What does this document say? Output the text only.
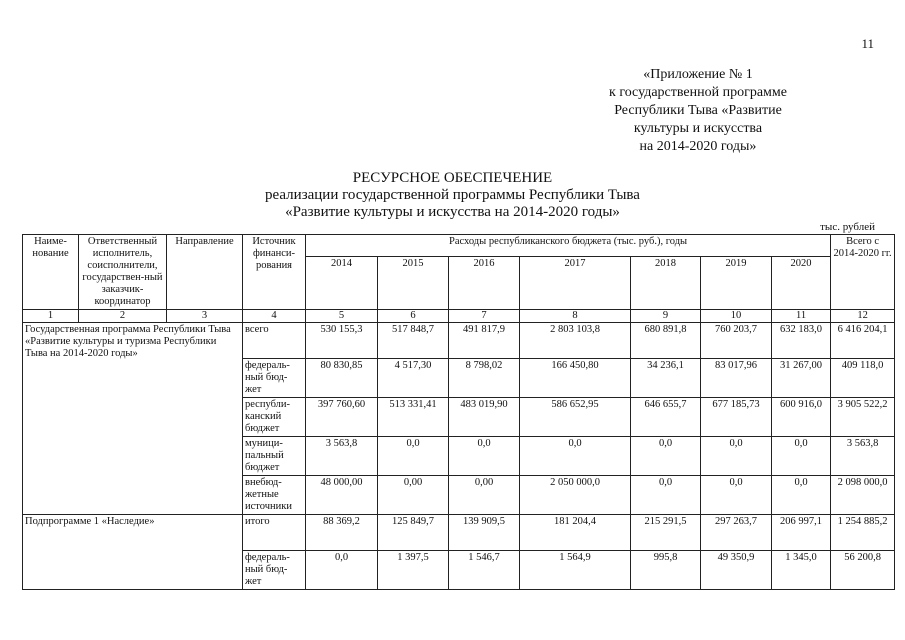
11
«Приложение № 1
к государственной программе
Республики Тыва «Развитие
культуры и искусства
на 2014-2020 годы»
РЕСУРСНОЕ ОБЕСПЕЧЕНИЕ
реализации государственной программы Республики Тыва
«Развитие культуры и искусства на 2014-2020 годы»
тыс. рублей
Наиме-нование	Ответственный исполнитель, соисполнители, государствен-ный заказчик-координатор	Направление	Источник финанси-рования	Расходы республиканского бюджета (тыс. руб.), годы							Всего с 2014-2020 гг.
				2014	2015	2016	2017	2018	2019	2020	
1	2	3	4	5	6	7	8	9	10	11	12
Государственная программа Республики Тыва «Развитие культуры и туризма Республики Тыва на 2014-2020 годы»			всего	530 155,3	517 848,7	491 817,9	2 803 103,8	680 891,8	760 203,7	632 183,0	6 416 204,1
			федераль-ный бюд-жет	80 830,85	4 517,30	8 798,02	166 450,80	34 236,1	83 017,96	31 267,00	409 118,0
			республи-канский бюджет	397 760,60	513 331,41	483 019,90	586 652,95	646 655,7	677 185,73	600 916,0	3 905 522,2
			муници-пальный бюджет	3 563,8	0,0	0,0	0,0	0,0	0,0	0,0	3 563,8
			внебюд-жетные источники	48 000,00	0,00	0,00	2 050 000,0	0,0	0,0	0,0	2 098 000,0
Подпрограмме 1 «Наследие»			итого	88 369,2	125 849,7	139 909,5	181 204,4	215 291,5	297 263,7	206 997,1	1 254 885,2
			федераль-ный бюд-жет	0,0	1 397,5	1 546,7	1 564,9	995,8	49 350,9	1 345,0	56 200,8
